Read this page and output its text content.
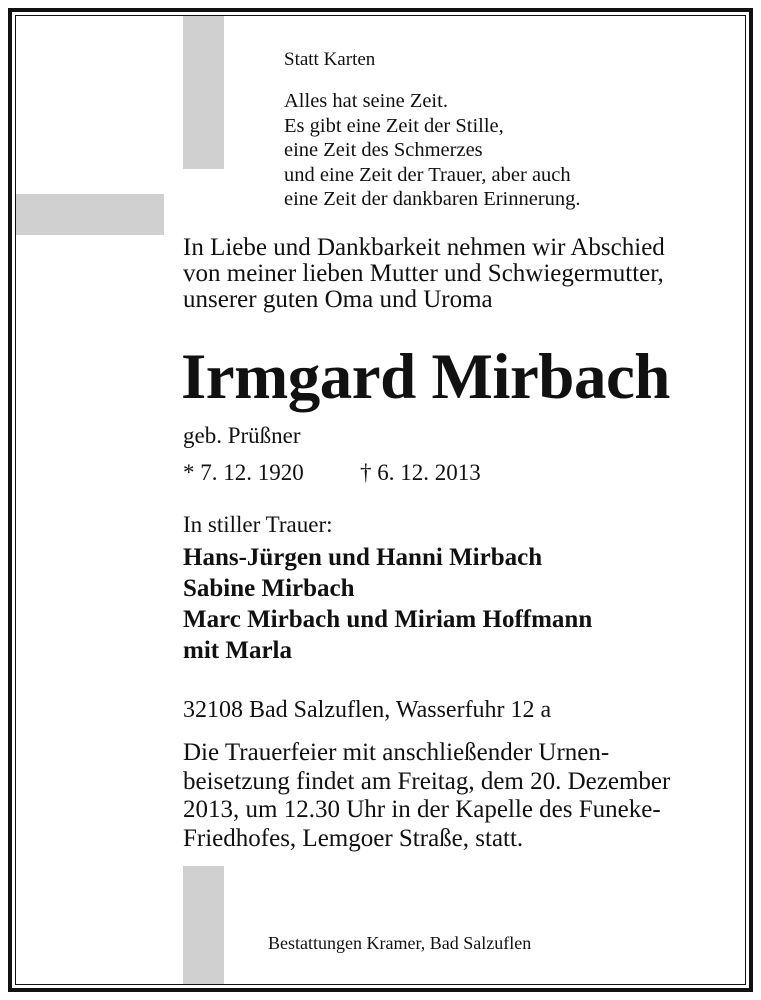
Statt Karten
Alles hat seine Zeit.
Es gibt eine Zeit der Stille,
eine Zeit des Schmerzes
und eine Zeit der Trauer, aber auch
eine Zeit der dankbaren Erinnerung.
In Liebe und Dankbarkeit nehmen wir Abschied
von meiner lieben Mutter und Schwiegermutter,
unserer guten Oma und Uroma
Irmgard Mirbach
geb. Prüßner
* 7. 12. 1920 † 6. 12. 2013
In stiller Trauer:
Hans-Jürgen und Hanni Mirbach
Sabine Mirbach
Marc Mirbach und Miriam Hoffmann
mit Marla
32108 Bad Salzuflen, Wasserfuhr 12 a
Die Trauerfeier mit anschließender Urnen-
beisetzung findet am Freitag, dem 20. Dezember
2013, um 12.30 Uhr in der Kapelle des Funeke-
Friedhofes, Lemgoer Straße, statt.
Bestattungen Kramer, Bad Salzuflen
